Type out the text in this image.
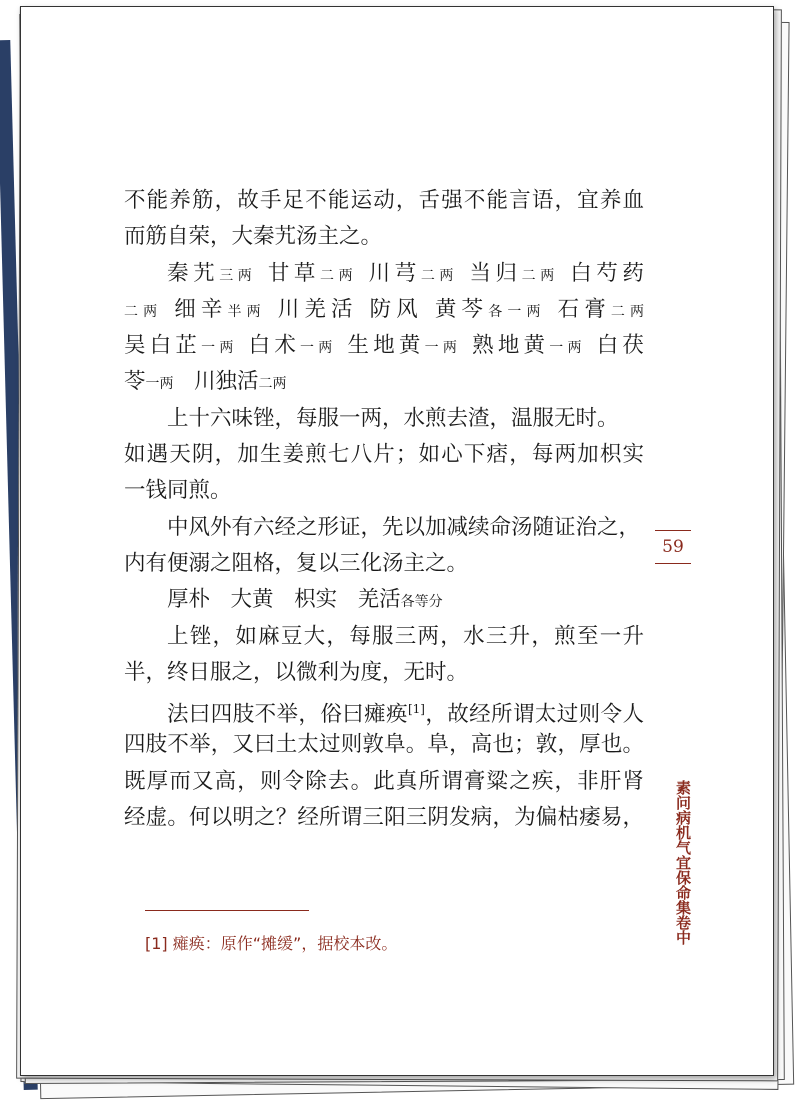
不能养筋，故手足不能运动，舌强不能言语，宜养血
而筋自荣，大秦艽汤主之。
秦艽三两 甘草二两 川芎二两 当归二两 白芍药
二两 细辛半两 川羌活 防风 黄芩各一两 石膏二两
吴白芷一两 白术一两 生地黄一两 熟地黄一两 白茯
苓一两 川独活二两
上十六味锉，每服一两，水煎去渣，温服无时。
如遇天阴，加生姜煎七八片；如心下痞，每两加枳实
一钱同煎。
中风外有六经之形证，先以加减续命汤随证治之，
内有便溺之阻格，复以三化汤主之。
厚朴 大黄 枳实 羌活各等分
上锉，如麻豆大，每服三两，水三升，煎至一升
半，终日服之，以微利为度，无时。
法曰四肢不举，俗曰瘫痪[1]，故经所谓太过则令人
四肢不举，又曰土太过则敦阜。阜，高也；敦，厚也。
既厚而又高，则令除去。此真所谓膏粱之疾，非肝肾
经虚。何以明之？经所谓三阳三阴发病，为偏枯痿易，
59
素问病机气宜保命集卷中
[1] 瘫痪：原作“摊缓”，据校本改。
